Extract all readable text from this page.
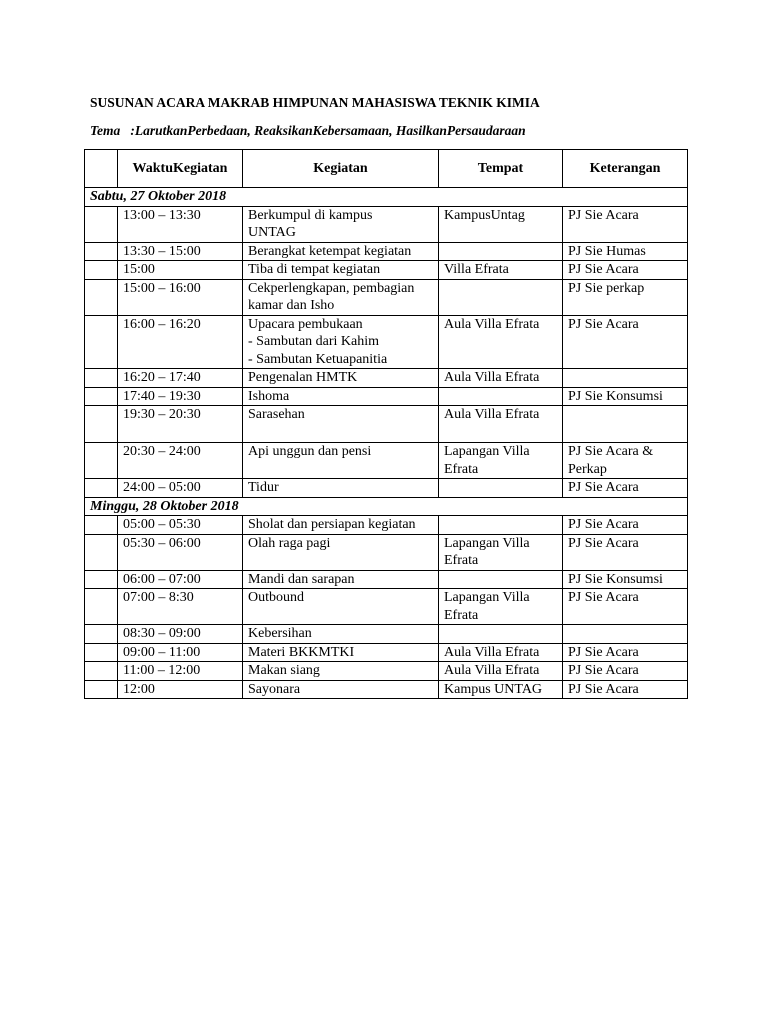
SUSUNAN ACARA MAKRAB HIMPUNAN MAHASISWA TEKNIK KIMIA
Tema   :LarutkanPerbedaan, ReaksikanKebersamaan, HasilkanPersaudaraan
	WaktuKegiatan	Kegiatan	Tempat	Keterangan
Sabtu, 27 Oktober 2018				
	13:00 – 13:30	Berkumpul di kampus
UNTAG	KampusUntag	PJ Sie Acara

	13:30 – 15:00	Berangkat ketempat kegiatan		PJ Sie Humas

	15:00	Tiba di tempat kegiatan	Villa Efrata	PJ Sie Acara

	15:00 – 16:00	Cekperlengkapan, pembagian
kamar dan Isho		PJ Sie perkap

	16:00 – 16:20	Upacara pembukaan
- Sambutan dari Kahim
- Sambutan Ketuapanitia	Aula Villa Efrata	PJ Sie Acara

	16:20 – 17:40	Pengenalan HMTK	Aula Villa Efrata	

	17:40 – 19:30	Ishoma		PJ Sie Konsumsi

	19:30 – 20:30	Sarasehan	Aula Villa Efrata	

	20:30 – 24:00	Api unggun dan pensi	Lapangan Villa
Efrata	PJ Sie Acara &
Perkap

	24:00 – 05:00	Tidur		PJ Sie Acara

Minggu, 28 Oktober 2018				
	05:00 – 05:30	Sholat dan persiapan kegiatan		PJ Sie Acara

	05:30 – 06:00	Olah raga pagi	Lapangan Villa
Efrata	PJ Sie Acara

	06:00 – 07:00	Mandi dan sarapan		PJ Sie Konsumsi

	07:00 – 8:30	Outbound	Lapangan Villa
Efrata	PJ Sie Acara

	08:30 – 09:00	Kebersihan		

	09:00 – 11:00	Materi BKKMTKI	Aula Villa Efrata	PJ Sie Acara

	11:00 – 12:00	Makan siang	Aula Villa Efrata	PJ Sie Acara

	12:00	Sayonara	Kampus UNTAG	PJ Sie Acara
